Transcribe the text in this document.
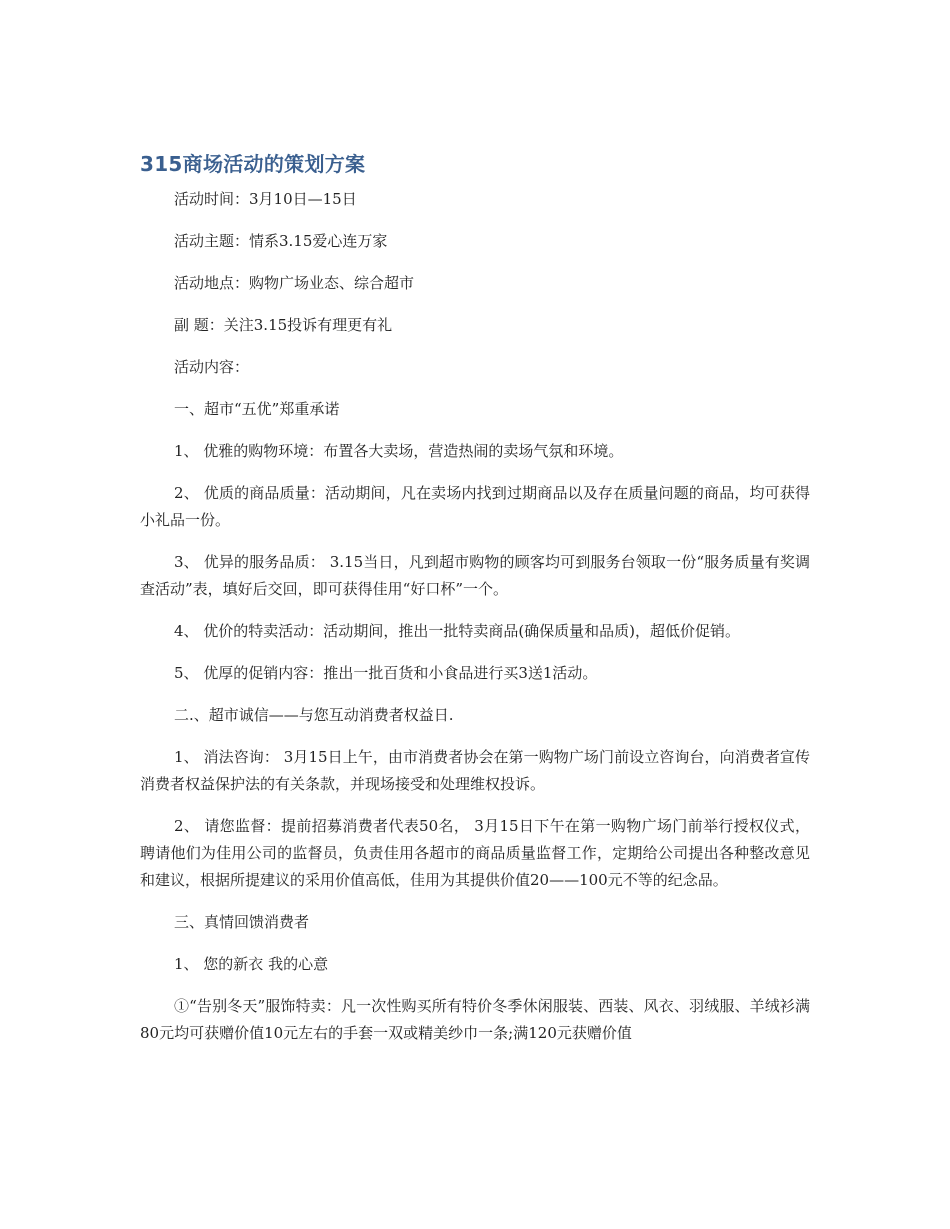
315商场活动的策划方案

活动时间：3月10日—15日

活动主题：情系3.15爱心连万家

活动地点：购物广场业态、综合超市

副 题：关注3.15投诉有理更有礼

活动内容：

一、超市“五优”郑重承诺

1、 优雅的购物环境：布置各大卖场，营造热闹的卖场气氛和环境。

2、 优质的商品质量：活动期间，凡在卖场内找到过期商品以及存在质量问题的商品，均可获得小礼品一份。

3、 优异的服务品质： 3.15当日，凡到超市购物的顾客均可到服务台领取一份“服务质量有奖调查活动”表，填好后交回，即可获得佳用“好口杯”一个。

4、 优价的特卖活动：活动期间，推出一批特卖商品(确保质量和品质)，超低价促销。

5、 优厚的促销内容：推出一批百货和小食品进行买3送1活动。

二.、超市诚信——与您互动消费者权益日.

1、 消法咨询： 3月15日上午，由市消费者协会在第一购物广场门前设立咨询台，向消费者宣传消费者权益保护法的有关条款，并现场接受和处理维权投诉。

2、 请您监督：提前招募消费者代表50名， 3月15日下午在第一购物广场门前举行授权仪式，聘请他们为佳用公司的监督员，负责佳用各超市的商品质量监督工作，定期给公司提出各种整改意见和建议，根据所提建议的采用价值高低，佳用为其提供价值20——100元不等的纪念品。

三、真情回馈消费者

1、 您的新衣 我的心意

①“告别冬天”服饰特卖：凡一次性购买所有特价冬季休闲服装、西装、风衣、羽绒服、羊绒衫满80元均可获赠价值10元左右的手套一双或精美纱巾一条;满120元获赠价值
